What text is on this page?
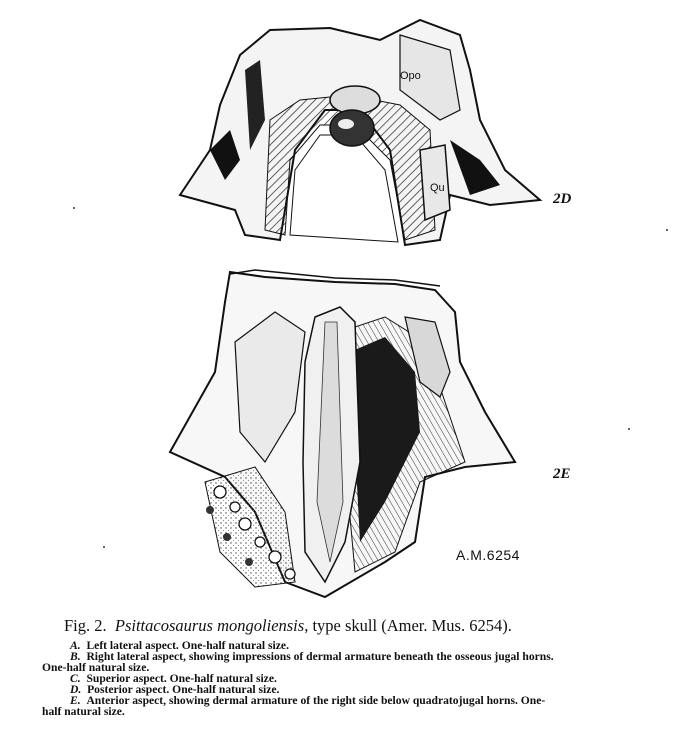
Opo
Qu
2D
2E
A.M.6254
Fig. 2. Psittacosaurus mongoliensis, type skull (Amer. Mus. 6254).
A. Left lateral aspect. One-half natural size.
B. Right lateral aspect, showing impressions of dermal armature beneath the osseous jugal horns.
One-half natural size.
C. Superior aspect. One-half natural size.
D. Posterior aspect. One-half natural size.
E. Anterior aspect, showing dermal armature of the right side below quadratojugal horns. One-
half natural size.
